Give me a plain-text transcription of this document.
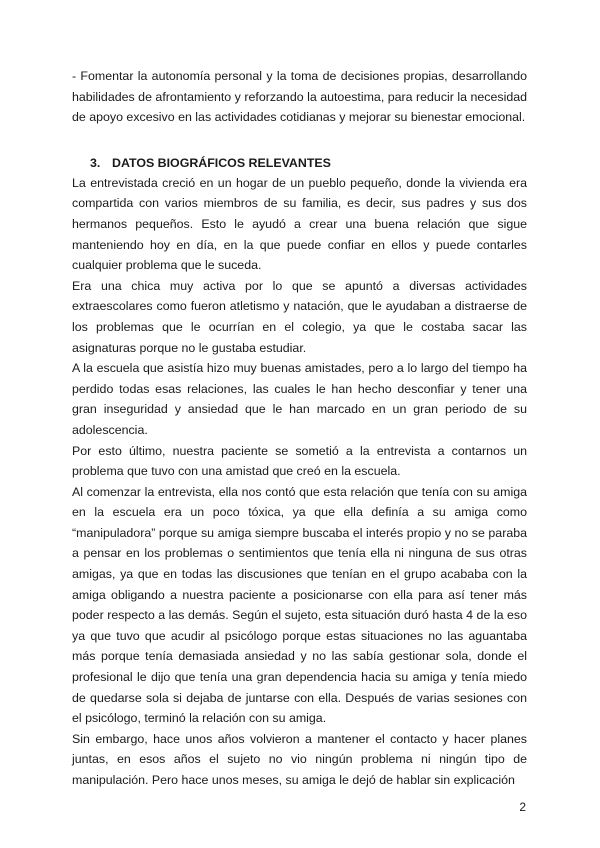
- Fomentar la autonomía personal y la toma de decisiones propias, desarrollando habilidades de afrontamiento y reforzando la autoestima, para reducir la necesidad de apoyo excesivo en las actividades cotidianas y mejorar su bienestar emocional.

3. DATOS BIOGRÁFICOS RELEVANTES

La entrevistada creció en un hogar de un pueblo pequeño, donde la vivienda era compartida con varios miembros de su familia, es decir, sus padres y sus dos hermanos pequeños. Esto le ayudó a crear una buena relación que sigue manteniendo hoy en día, en la que puede confiar en ellos y puede contarles cualquier problema que le suceda.

Era una chica muy activa por lo que se apuntó a diversas actividades extraescolares como fueron atletismo y natación, que le ayudaban a distraerse de los problemas que le ocurrían en el colegio, ya que le costaba sacar las asignaturas porque no le gustaba estudiar.

A la escuela que asistía hizo muy buenas amistades, pero a lo largo del tiempo ha perdido todas esas relaciones, las cuales le han hecho desconfiar y tener una gran inseguridad y ansiedad que le han marcado en un gran periodo de su adolescencia.

Por esto último, nuestra paciente se sometió a la entrevista a contarnos un problema que tuvo con una amistad que creó en la escuela.

Al comenzar la entrevista, ella nos contó que esta relación que tenía con su amiga en la escuela era un poco tóxica, ya que ella definía a su amiga como “manipuladora” porque su amiga siempre buscaba el interés propio y no se paraba a pensar en los problemas o sentimientos que tenía ella ni ninguna de sus otras amigas, ya que en todas las discusiones que tenían en el grupo acababa con la amiga obligando a nuestra paciente a posicionarse con ella para así tener más poder respecto a las demás. Según el sujeto, esta situación duró hasta 4 de la eso ya que tuvo que acudir al psicólogo porque estas situaciones no las aguantaba más porque tenía demasiada ansiedad y no las sabía gestionar sola, donde el profesional le dijo que tenía una gran dependencia hacia su amiga y tenía miedo de quedarse sola si dejaba de juntarse con ella. Después de varias sesiones con el psicólogo, terminó la relación con su amiga.

Sin embargo, hace unos años volvieron a mantener el contacto y hacer planes juntas, en esos años el sujeto no vio ningún problema ni ningún tipo de manipulación. Pero hace unos meses, su amiga le dejó de hablar sin explicación

2
